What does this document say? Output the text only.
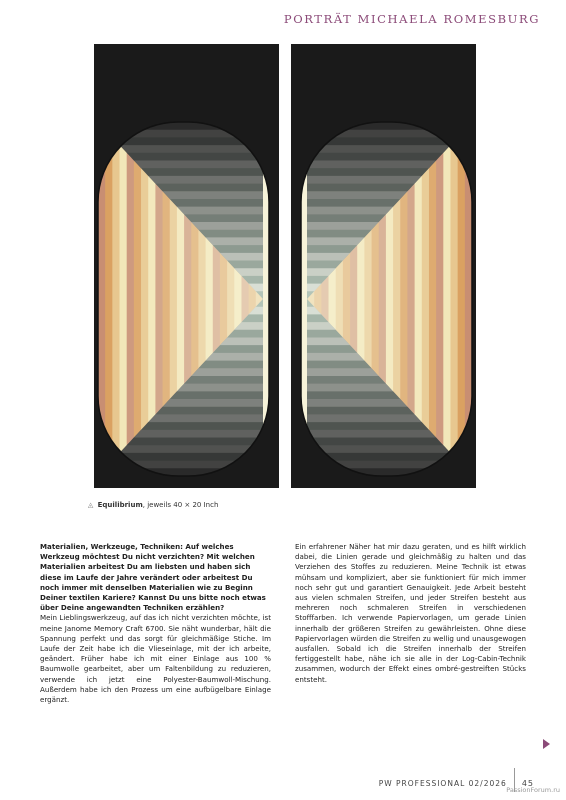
PORTRÄT MICHAELA ROMESBURG
◬ Equilibrium, jeweils 40 × 20 Inch

Materialien, Werkzeuge, Techniken: Auf welches Werkzeug möchtest Du nicht verzichten? Mit welchen Materialien arbeitest Du am liebsten und haben sich diese im Laufe der Jahre verändert oder arbeitest Du noch immer mit denselben Materialien wie zu Beginn Deiner textilen Kariere? Kannst Du uns bitte noch etwas über Deine angewandten Techniken erzählen?

Mein Lieblingswerkzeug, auf das ich nicht verzichten möchte, ist meine Janome Memory Craft 6700. Sie näht wunderbar, hält die Spannung perfekt und das sorgt für gleichmäßige Stiche. Im Laufe der Zeit habe ich die Vlieseinlage, mit der ich arbeite, geändert. Früher habe ich mit einer Einlage aus 100 % Baumwolle gearbeitet, aber um Faltenbildung zu reduzieren, verwende ich jetzt eine Polyester-Baumwoll-Mischung. Außerdem habe ich den Prozess um eine aufbügelbare Einlage ergänzt.

Ein erfahrener Näher hat mir dazu geraten, und es hilft wirklich dabei, die Linien gerade und gleichmäßig zu halten und das Verziehen des Stoffes zu reduzieren. Meine Technik ist etwas mühsam und kompliziert, aber sie funktioniert für mich immer noch sehr gut und garantiert Genauigkeit. Jede Arbeit besteht aus vielen schmalen Streifen, und jeder Streifen besteht aus mehreren noch schmaleren Streifen in verschiedenen Stofffarben. Ich verwende Papiervorlagen, um gerade Linien innerhalb der größeren Streifen zu gewährleisten. Ohne diese Papiervorlagen würden die Streifen zu wellig und unausgewogen ausfallen. Sobald ich die Streifen innerhalb der Streifen fertiggestellt habe, nähe ich sie alle in der Log-Cabin-Technik zusammen, wodurch der Effekt eines ombré-gestreiften Stücks entsteht.

PW PROFESSIONAL 02/2026 45
PassionForum.ru
